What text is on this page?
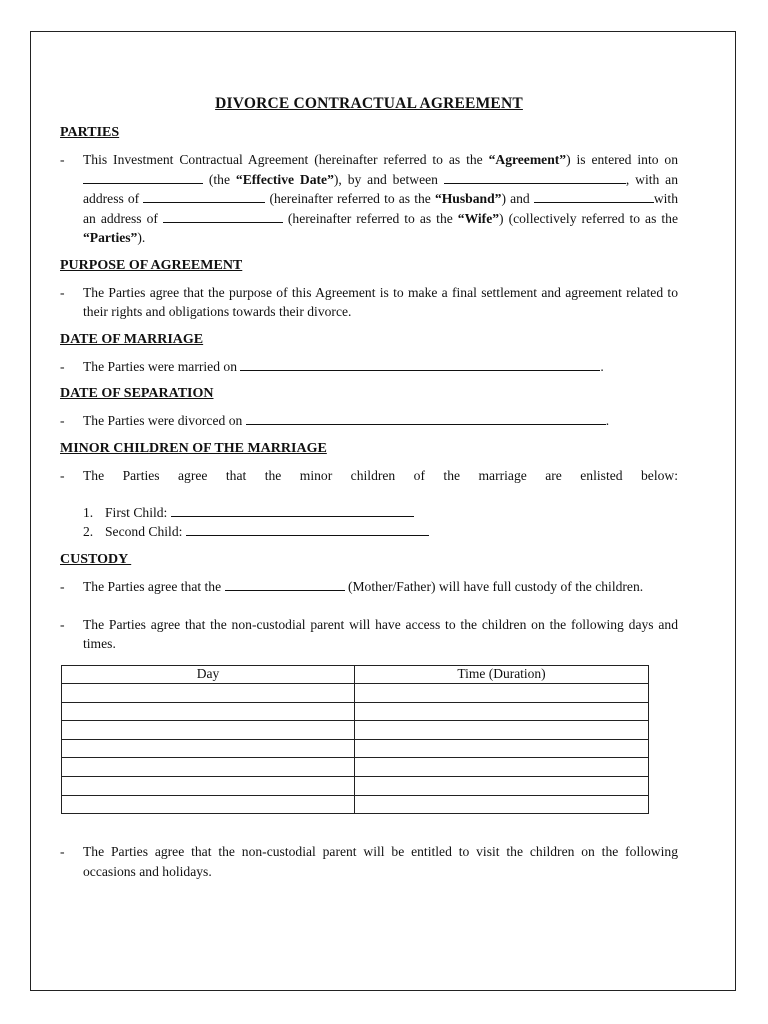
DIVORCE CONTRACTUAL AGREEMENT

PARTIES

- This Investment Contractual Agreement (hereinafter referred to as the “Agreement”) is entered into on  (the “Effective Date”), by and between	, with an address of	(hereinafter referred to as the “Husband”) and	with an address of	(hereinafter referred to as the “Wife”) (collectively referred to as the “Parties”).

PURPOSE OF AGREEMENT

- The Parties agree that the purpose of this Agreement is to make a final settlement and agreement related to their rights and obligations towards their divorce.

DATE OF MARRIAGE

- The Parties were married on	.

DATE OF SEPARATION

- The Parties were divorced on	.

MINOR CHILDREN OF THE MARRIAGE

- The Parties agree that the minor children of the marriage are enlisted below:

1. First Child:
2. Second Child:

CUSTODY

- The Parties agree that the	(Mother/Father) will have full custody of the children.

- The Parties agree that the non-custodial parent will have access to the children on the following days and times.

Day	Time (Duration)

- The Parties agree that the non-custodial parent will be entitled to visit the children on the following occasions and holidays.
